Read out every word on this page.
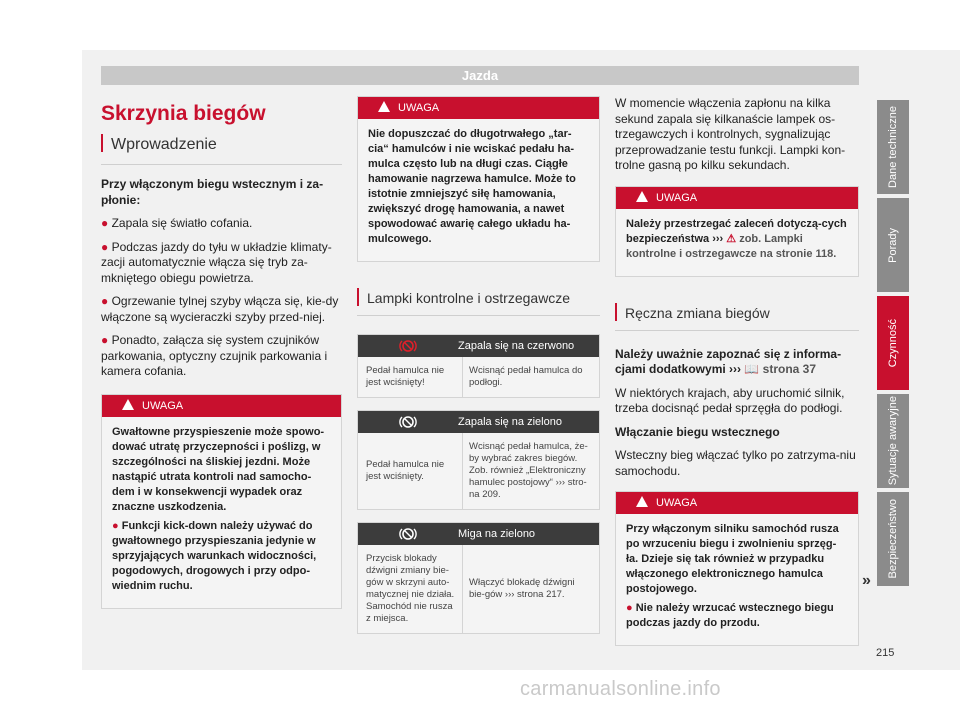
Jazda
Skrzynia biegów
Wprowadzenie

Przy włączonym biegu wstecznym i za-płonie:

● Zapala się światło cofania.

● Podczas jazdy do tyłu w układzie klimaty-zacji automatycznie włącza się tryb za-mkniętego obiegu powietrza.

● Ogrzewanie tylnej szyby włącza się, kie-dy włączone są wycieraczki szyby przed-niej.

● Ponadto, załącza się system czujników parkowania, optyczny czujnik parkowania i kamera cofania.

UWAGA

Gwałtowne przyspieszenie może spowo-dować utratę przyczepności i poślizg, w szczególności na śliskiej jezdni. Może nastąpić utrata kontroli nad samocho-dem i w konsekwencji wypadek oraz znaczne uszkodzenia.

● Funkcji kick-down należy używać do gwałtownego przyspieszania jedynie w sprzyjających warunkach widoczności, pogodowych, drogowych i przy odpo-wiednim ruchu.

UWAGA

Nie dopuszczać do długotrwałego „tar-cia“ hamulców i nie wciskać pedału ha-mulca często lub na długi czas. Ciągłe hamowanie nagrzewa hamulce. Może to istotnie zmniejszyć siłę hamowania, zwiększyć drogę hamowania, a nawet spowodować awarię całego układu ha-mulcowego.

Lampki kontrolne i ostrzegawcze
Zapala się na czerwono
Pedał hamulca nie jest wciśnięty!
Wcisnąć pedał hamulca do podłogi.
Zapala się na zielono
Pedał hamulca nie jest wciśnięty.
Wcisnąć pedał hamulca, że-by wybrać zakres biegów. Zob. również „Elektroniczny hamulec postojowy“ ››› stro-na 209.
Miga na zielono
Przycisk blokady dźwigni zmiany bie-gów w skrzyni auto-matycznej nie działa. Samochód nie rusza z miejsca.
Włączyć blokadę dźwigni bie-gów ››› strona 217.

W momencie włączenia zapłonu na kilka sekund zapala się kilkanaście lampek os-trzegawczych i kontrolnych, sygnalizując przeprowadzanie testu funkcji. Lampki kon-trolne gasną po kilku sekundach.

UWAGA

Należy przestrzegać zaleceń dotyczą-cych bezpieczeństwa ››› ⚠ zob. Lampki kontrolne i ostrzegawcze na stronie 118.

Ręczna zmiana biegów

Należy uważnie zapoznać się z informa-cjami dodatkowymi ››› 📖 strona 37

W niektórych krajach, aby uruchomić silnik, trzeba docisnąć pedał sprzęgła do podłogi.

Włączanie biegu wstecznego

Wsteczny bieg włączać tylko po zatrzyma-niu samochodu.

UWAGA

Przy włączonym silniku samochód rusza po wrzuceniu biegu i zwolnieniu sprzęg-ła. Dzieje się tak również w przypadku włączonego elektronicznego hamulca postojowego.

● Nie należy wrzucać wstecznego biegu podczas jazdy do przodu.

»
Dane techniczne
Porady
Czynność
Sytuacje awaryjne
Bezpieczeństwo
215
carmanualsonline.info
